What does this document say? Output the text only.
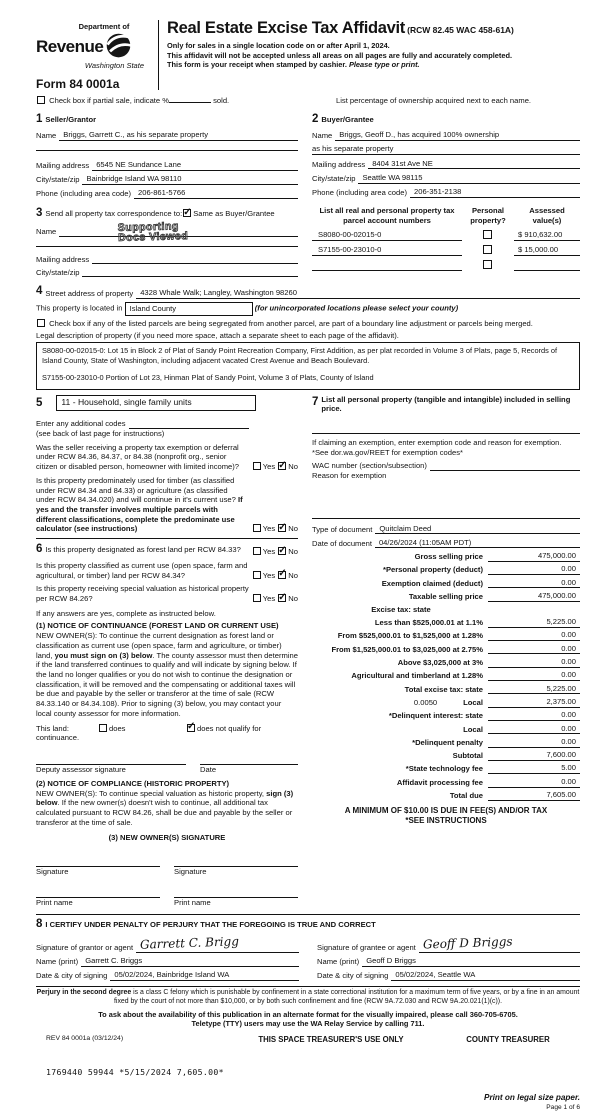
Department of
Revenue
Washington State
Form 84 0001a
Real Estate Excise Tax Affidavit (RCW 82.45 WAC 458-61A)
Only for sales in a single location code on or after April 1, 2024.
This affidavit will not be accepted unless all areas on all pages are fully and accurately completed.
This form is your receipt when stamped by cashier. Please type or print.
Check box if partial sale, indicate %	sold.	List percentage of ownership acquired next to each name.
1 Seller/Grantor
Name Briggs, Garrett C., as his separate property
Mailing address 6545 NE Sundance Lane
City/state/zip Bainbridge Island WA 98110
Phone (including area code) 206-861-5766
2 Buyer/Grantee
Name Briggs, Geoff D., has acquired 100% ownership
as his separate property
Mailing address 8404 31st Ave NE
City/state/zip Seattle WA 98115
Phone (including area code) 206-351-2138
3 Send all property tax correspondence to: ✓ Same as Buyer/Grantee
Name	Supporting
Docs Viewed
Mailing address
City/state/zip
List all real and personal property tax
parcel account numbers
Personal
property?
Assessed
value(s)
S8080-00-02015-0	$ 910,632.00
S7155-00-23010-0	$ 15,000.00
4 Street address of property 4328 Whale Walk; Langley, Washington 98260
This property is located in Island County	(for unincorporated locations please select your county)
Check box if any of the listed parcels are being segregated from another parcel, are part of a boundary line adjustment or parcels being merged.
Legal description of property (if you need more space, attach a separate sheet to each page of the affidavit).
S8080-00-02015-0: Lot 15 in Block 2 of Plat of Sandy Point Recreation Company, First Addition, as per plat recorded in Volume 3 of Plats, page 5, Records of Island County, State of Washington, including adjacent vacated Crest Avenue and Beach Boulevard.
S7155-00-23010-0 Portion of Lot 23, Hinman Plat of Sandy Point, Volume 3 of Plats, County of Island
5	11 - Household, single family units
Enter any additional codes
(see back of last page for instructions)
Was the seller receiving a property tax exemption or deferral under RCW 84.36, 84.37, or 84.38 (nonprofit org., senior citizen or disabled person, homeowner with limited income)?	Yes ✓ No
Is this property predominately used for timber (as classified under RCW 84.34 and 84.33) or agriculture (as classified under RCW 84.34.020) and will continue in it's current use? If yes and the transfer involves multiple parcels with different classifications, complete the predominate use calculator (see instructions)	Yes ✓ No
6 Is this property designated as forest land per RCW 84.33?	Yes ✓ No
Is this property classified as current use (open space, farm and agricultural, or timber) land per RCW 84.34?	Yes ✓ No
Is this property receiving special valuation as historical property per RCW 84.26?	Yes ✓ No
If any answers are yes, complete as instructed below.
(1) NOTICE OF CONTINUANCE (FOREST LAND OR CURRENT USE)
NEW OWNER(S): To continue the current designation as forest land or classification as current use (open space, farm and agriculture, or timber) land, you must sign on (3) below. The county assessor must then determine if the land transferred continues to qualify and will indicate by signing below. If the land no longer qualifies or you do not wish to continue the designation or classification, it will be removed and the compensating or additional taxes will be due and payable by the seller or transferor at the time of sale (RCW 84.33.140 or 84.34.108). Prior to signing (3) below, you may contact your local county assessor for more information.
This land:	does ✓	does not qualify for
continuance.
Deputy assessor signature	Date
(2) NOTICE OF COMPLIANCE (HISTORIC PROPERTY)
NEW OWNER(S): To continue special valuation as historic property, sign (3) below. If the new owner(s) doesn't wish to continue, all additional tax calculated pursuant to RCW 84.26, shall be due and payable by the seller or transferor at the time of sale.
(3) NEW OWNER(S) SIGNATURE
Signature	Signature
Print name	Print name
7 List all personal property (tangible and intangible) included in selling price.
If claiming an exemption, enter exemption code and reason for exemption. *See dor.wa.gov/REET for exemption codes*
WAC number (section/subsection)
Reason for exemption
Type of document Quitclaim Deed
Date of document 04/26/2024 (11:05AM PDT)
Gross selling price	475,000.00
*Personal property (deduct)	0.00
Exemption claimed (deduct)	0.00
Taxable selling price	475,000.00
Excise tax: state
Less than $525,000.01 at 1.1%	5,225.00
From $525,000.01 to $1,525,000 at 1.28%	0.00
From $1,525,000.01 to $3,025,000 at 2.75%	0.00
Above $3,025,000 at 3%	0.00
Agricultural and timberland at 1.28%	0.00
Total excise tax: state	5,225.00
0.0050	Local	2,375.00
*Delinquent interest: state	0.00
Local	0.00
*Delinquent penalty	0.00
Subtotal	7,600.00
*State technology fee	5.00
Affidavit processing fee	0.00
Total due	7,605.00
A MINIMUM OF $10.00 IS DUE IN FEE(S) AND/OR TAX
*SEE INSTRUCTIONS
8 I CERTIFY UNDER PENALTY OF PERJURY THAT THE FOREGOING IS TRUE AND CORRECT
Signature of grantor or agent Garrett C. Brigg
Name (print) Garrett C. Briggs
Date & city of signing 05/02/2024, Bainbridge Island WA
Signature of grantee or agent Geoff D Briggs
Name (print) Geoff D Briggs
Date & city of signing 05/02/2024, Seattle WA
Perjury in the second degree is a class C felony which is punishable by confinement in a state correctional institution for a maximum term of five years, or by a fine in an amount fixed by the court of not more than $10,000, or by both such confinement and fine (RCW 9A.72.030 and RCW 9A.20.021(1)(c)).
To ask about the availability of this publication in an alternate format for the visually impaired, please call 360-705-6705. Teletype (TTY) users may use the WA Relay Service by calling 711.
REV 84 0001a (03/12/24)	THIS SPACE TREASURER'S USE ONLY	COUNTY TREASURER
1769440 59944 *5/15/2024 7,605.00*
Print on legal size paper.
Page 1 of 6
